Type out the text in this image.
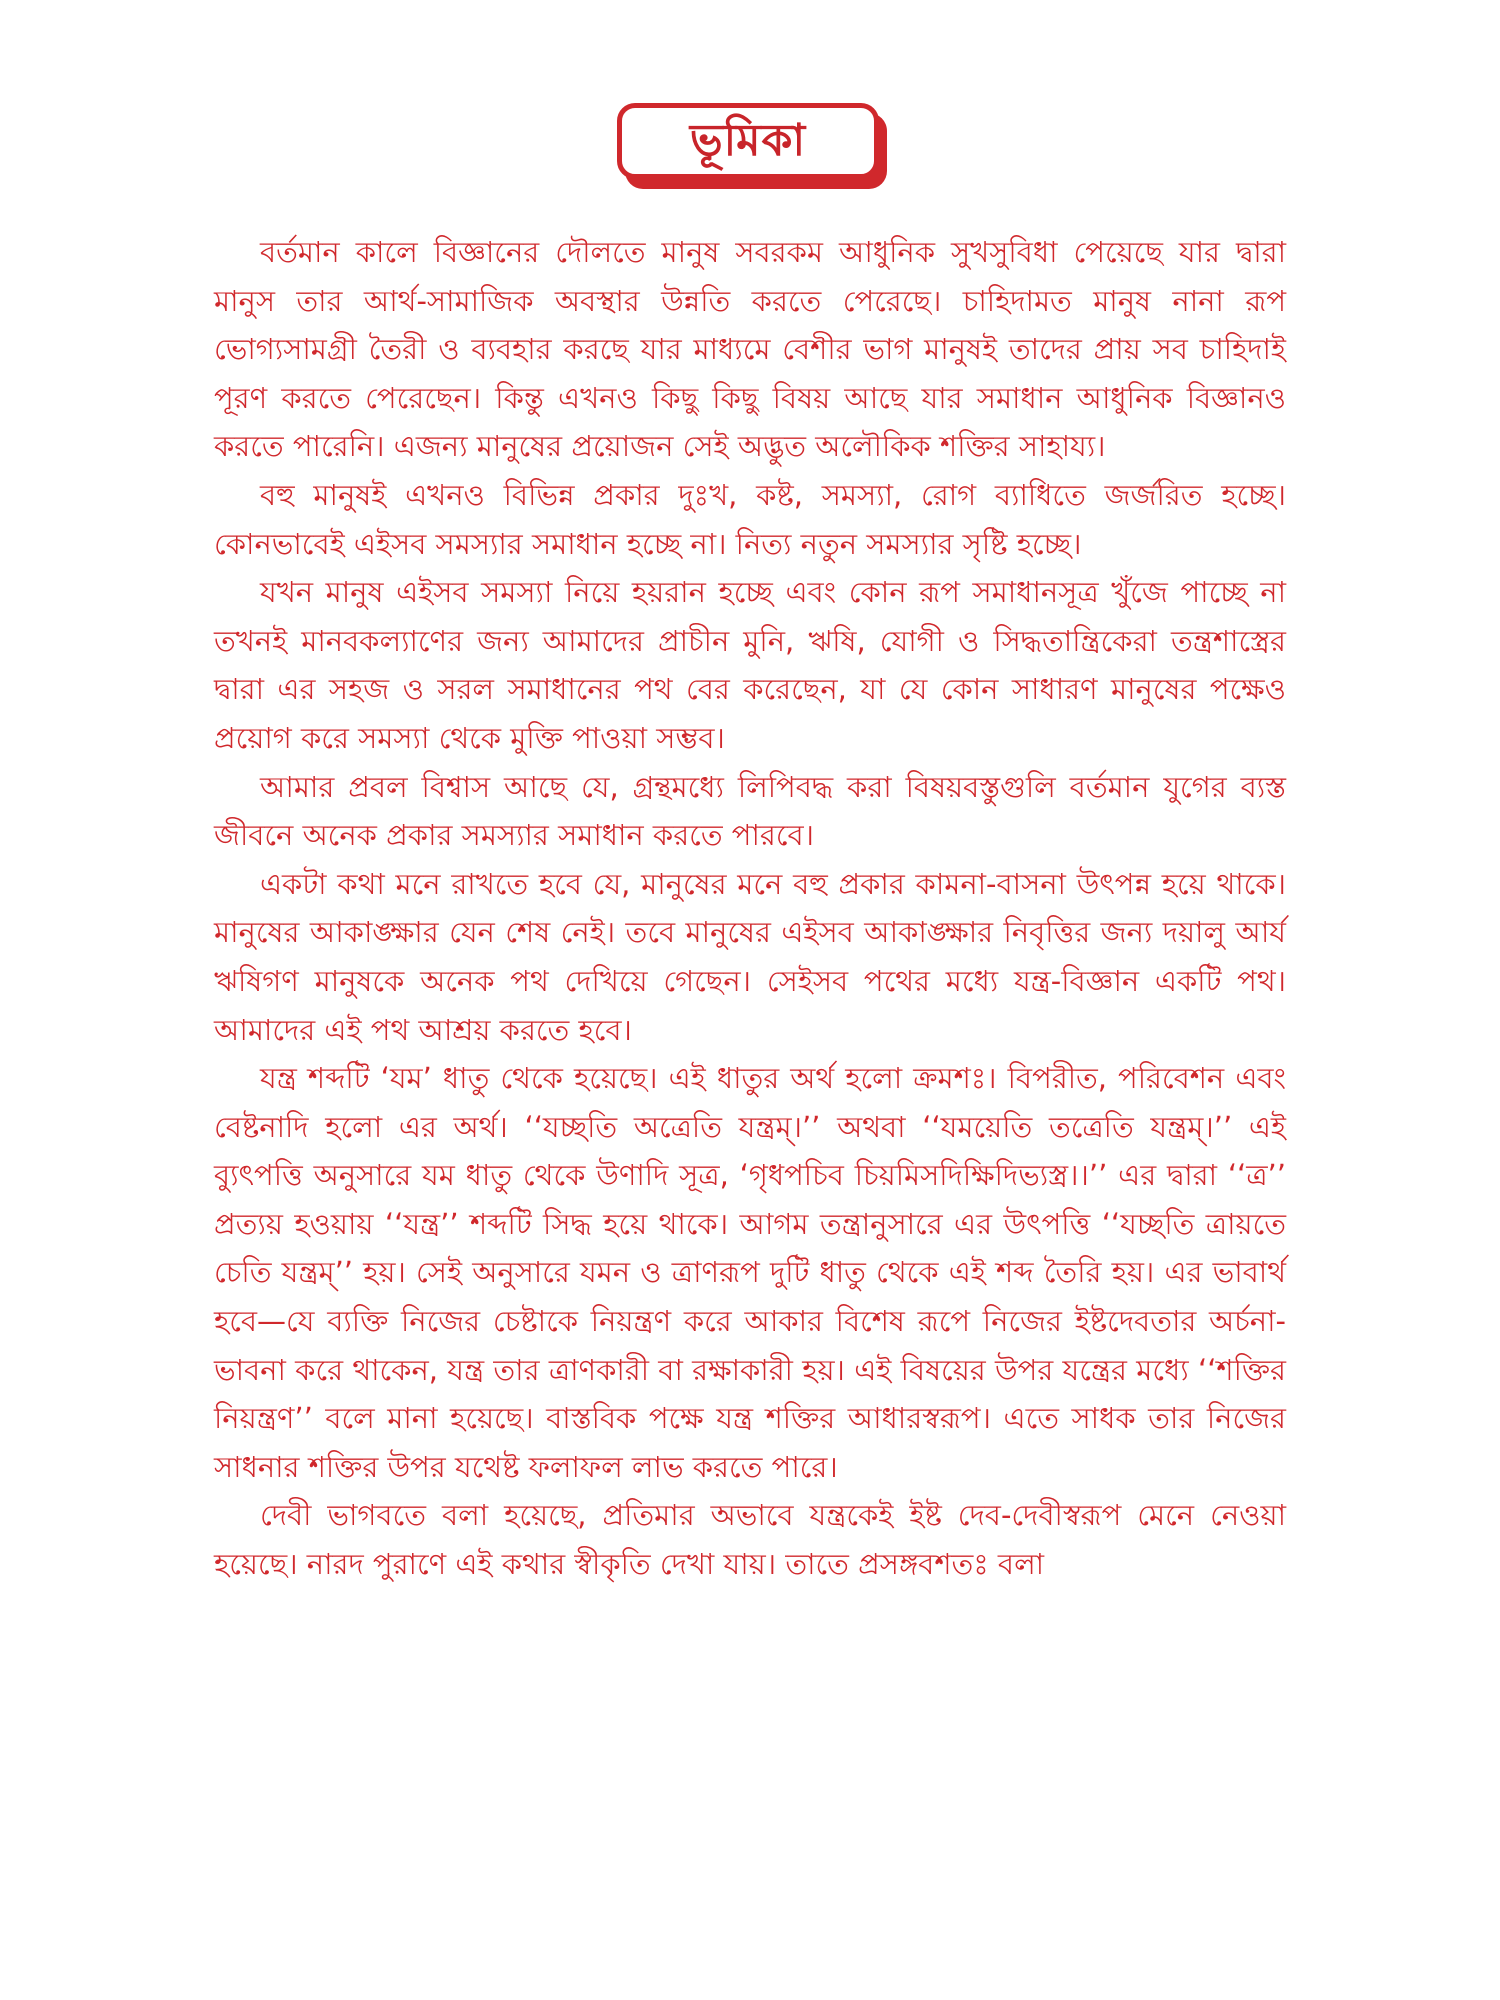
ভূমিকা

বর্তমান কালে বিজ্ঞানের দৌলতে মানুষ সবরকম আধুনিক সুখসুবিধা পেয়েছে যার দ্বারা মানুস তার আর্থ-সামাজিক অবস্থার উন্নতি করতে পেরেছে। চাহিদামত মানুষ নানা রূপ ভোগ্যসামগ্রী তৈরী ও ব্যবহার করছে যার মাধ্যমে বেশীর ভাগ মানুষই তাদের প্রায় সব চাহিদাই পূরণ করতে পেরেছেন। কিন্তু এখনও কিছু কিছু বিষয় আছে যার সমাধান আধুনিক বিজ্ঞানও করতে পারেনি। এজন্য মানুষের প্রয়োজন সেই অদ্ভুত অলৌকিক শক্তির সাহায্য।

বহু মানুষই এখনও বিভিন্ন প্রকার দুঃখ, কষ্ট, সমস্যা, রোগ ব্যাধিতে জর্জরিত হচ্ছে। কোনভাবেই এইসব সমস্যার সমাধান হচ্ছে না। নিত্য নতুন সমস্যার সৃষ্টি হচ্ছে।

যখন মানুষ এইসব সমস্যা নিয়ে হয়রান হচ্ছে এবং কোন রূপ সমাধানসূত্র খুঁজে পাচ্ছে না তখনই মানবকল্যাণের জন্য আমাদের প্রাচীন মুনি, ঋষি, যোগী ও সিদ্ধতান্ত্রিকেরা তন্ত্রশাস্ত্রের দ্বারা এর সহজ ও সরল সমাধানের পথ বের করেছেন, যা যে কোন সাধারণ মানুষের পক্ষেও প্রয়োগ করে সমস্যা থেকে মুক্তি পাওয়া সম্ভব।

আমার প্রবল বিশ্বাস আছে যে, গ্রন্থমধ্যে লিপিবদ্ধ করা বিষয়বস্তুগুলি বর্তমান যুগের ব্যস্ত জীবনে অনেক প্রকার সমস্যার সমাধান করতে পারবে।

একটা কথা মনে রাখতে হবে যে, মানুষের মনে বহু প্রকার কামনা-বাসনা উৎপন্ন হয়ে থাকে। মানুষের আকাঙ্ক্ষার যেন শেষ নেই। তবে মানুষের এইসব আকাঙ্ক্ষার নিবৃত্তির জন্য দয়ালু আর্য ঋষিগণ মানুষকে অনেক পথ দেখিয়ে গেছেন। সেইসব পথের মধ্যে যন্ত্র-বিজ্ঞান একটি পথ। আমাদের এই পথ আশ্রয় করতে হবে।

যন্ত্র শব্দটি ‘যম’ ধাতু থেকে হয়েছে। এই ধাতুর অর্থ হলো ক্রমশঃ। বিপরীত, পরিবেশন এবং বেষ্টনাদি হলো এর অর্থ। ‘‘যচ্ছতি অত্রেতি যন্ত্রম্।’’ অথবা ‘‘যময়েতি তত্রেতি যন্ত্রম্।’’ এই ব্যুৎপত্তি অনুসারে যম ধাতু থেকে উণাদি সূত্র, ‘গৃধপচিব চিয়মিসদিক্ষিদিভ্যস্ত্র।।’’ এর দ্বারা ‘‘ত্র’’ প্রত্যয় হওয়ায় ‘‘যন্ত্র’’ শব্দটি সিদ্ধ হয়ে থাকে। আগম তন্ত্রানুসারে এর উৎপত্তি ‘‘যচ্ছতি ত্রায়তে চেতি যন্ত্রম্’’ হয়। সেই অনুসারে যমন ও ত্রাণরূপ দুটি ধাতু থেকে এই শব্দ তৈরি হয়। এর ভাবার্থ হবে—যে ব্যক্তি নিজের চেষ্টাকে নিয়ন্ত্রণ করে আকার বিশেষ রূপে নিজের ইষ্টদেবতার অর্চনা-ভাবনা করে থাকেন, যন্ত্র তার ত্রাণকারী বা রক্ষাকারী হয়। এই বিষয়ের উপর যন্ত্রের মধ্যে ‘‘শক্তির নিয়ন্ত্রণ’’ বলে মানা হয়েছে। বাস্তবিক পক্ষে যন্ত্র শক্তির আধারস্বরূপ। এতে সাধক তার নিজের সাধনার শক্তির উপর যথেষ্ট ফলাফল লাভ করতে পারে।

দেবী ভাগবতে বলা হয়েছে, প্রতিমার অভাবে যন্ত্রকেই ইষ্ট দেব-দেবীস্বরূপ মেনে নেওয়া হয়েছে। নারদ পুরাণে এই কথার স্বীকৃতি দেখা যায়। তাতে প্রসঙ্গবশতঃ বলা
